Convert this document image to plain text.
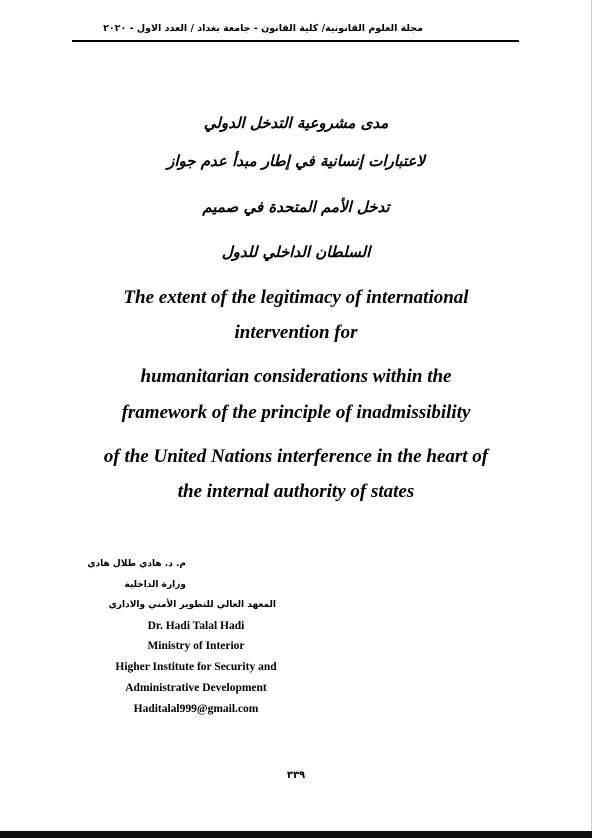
مجلة العلوم القانونية/ كلية القانون - جامعة بغداد / العدد الاول - ٢٠٢٠
مدى مشروعية التدخل الدولي
لاعتبارات إنسانية في إطار مبدأ عدم جواز
تدخل الأمم المتحدة في صميم
السلطان الداخلي للدول
The extent of the legitimacy of international
intervention for
humanitarian considerations within the
framework of the principle of inadmissibility
of the United Nations interference in the heart of
the internal authority of states
م. د. هادي طلال هادي
وزارة الداخلية
المعهد العالي للتطوير الأمني والاداري
Dr. Hadi Talal Hadi
Ministry of Interior
Higher Institute for Security and
Administrative Development
Haditalal999@gmail.com
٣٣٩
